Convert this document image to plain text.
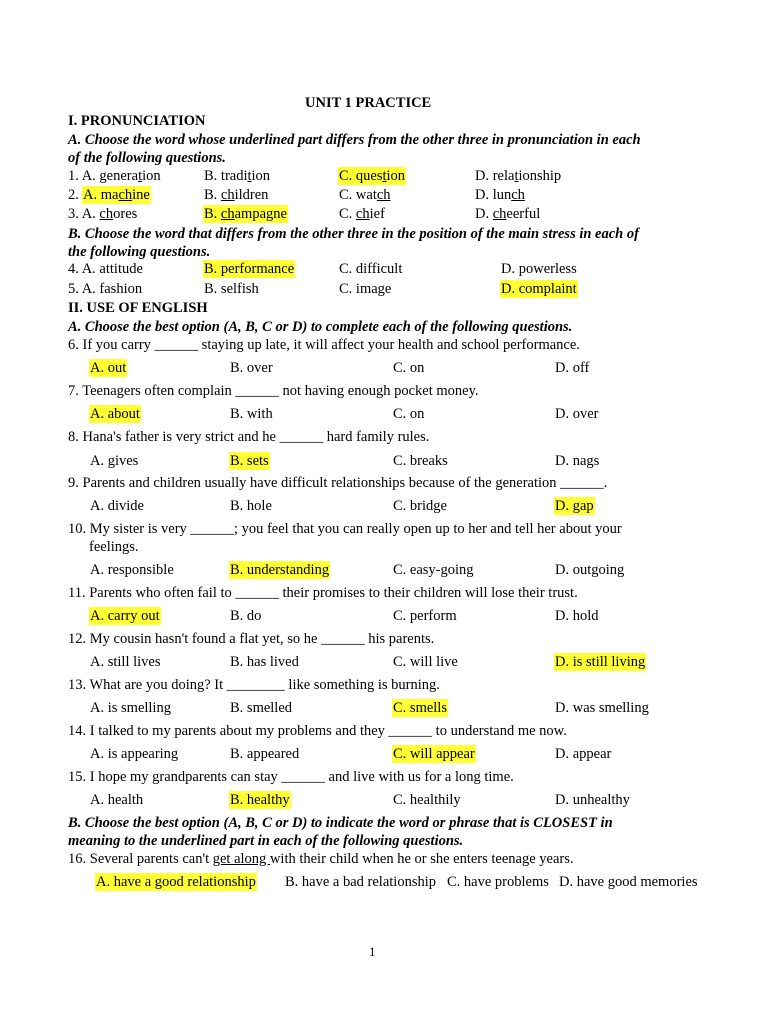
UNIT 1 PRACTICE
I. PRONUNCIATION
A. Choose the word whose underlined part differs from the other three in pronunciation in each
of the following questions.
1. A. generation	B. tradition	C. question	D. relationship
2. A. machine	B. children	C. watch	D. lunch
3. A. chores	B. champagne	C. chief	D. cheerful
B. Choose the word that differs from the other three in the position of the main stress in each of
the following questions.
4. A. attitude	B. performance	C. difficult	D. powerless
5. A. fashion	B. selfish	C. image	D. complaint
II. USE OF ENGLISH
A. Choose the best option (A, B, C or D) to complete each of the following questions.
6. If you carry ______ staying up late, it will affect your health and school performance.
A. out	B. over	C. on	D. off
7. Teenagers often complain ______ not having enough pocket money.
A. about	B. with	C. on	D. over
8. Hana's father is very strict and he ______ hard family rules.
A. gives	B. sets	C. breaks	D. nags
9. Parents and children usually have difficult relationships because of the generation ______.
A. divide	B. hole	C. bridge	D. gap
10. My sister is very ______; you feel that you can really open up to her and tell her about your
feelings.
A. responsible	B. understanding	C. easy-going	D. outgoing
11. Parents who often fail to ______ their promises to their children will lose their trust.
A. carry out	B. do	C. perform	D. hold
12. My cousin hasn't found a flat yet, so he ______ his parents.
A. still lives	B. has lived	C. will live	D. is still living
13. What are you doing? It ________ like something is burning.
A. is smelling	B. smelled	C. smells	D. was smelling
14. I talked to my parents about my problems and they ______ to understand me now.
A. is appearing	B. appeared	C. will appear	D. appear
15. I hope my grandparents can stay ______ and live with us for a long time.
A. health	B. healthy	C. healthily	D. unhealthy
B. Choose the best option (A, B, C or D) to indicate the word or phrase that is CLOSEST in
meaning to the underlined part in each of the following questions.
16. Several parents can't get along with their child when he or she enters teenage years.
A. have a good relationship B. have a bad relationship C. have problems D. have good memories
1
